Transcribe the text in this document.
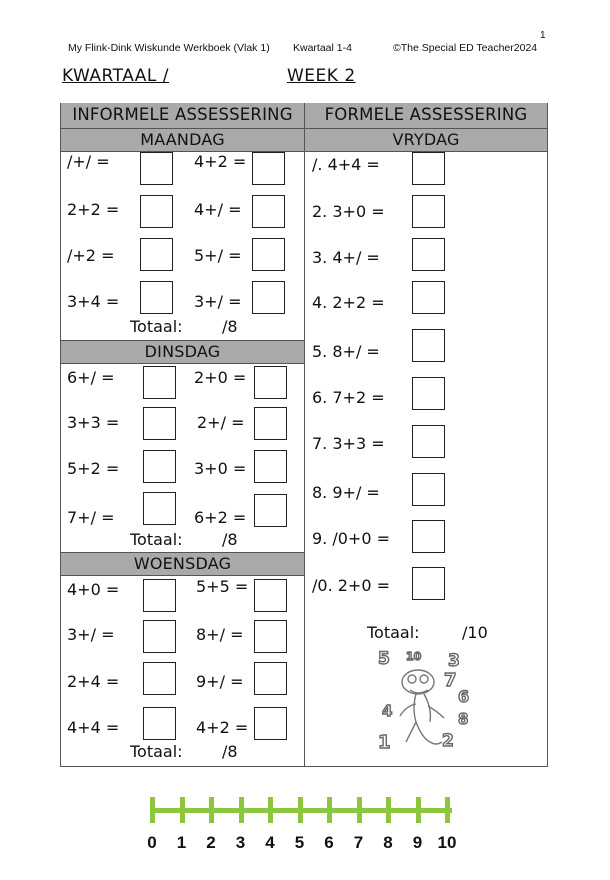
1
My Flink-Dink Wiskunde Werkboek (Vlak 1) Kwartaal 1-4	©The Special ED Teacher2024
KWARTAAL /	WEEK 2
INFORMELE ASSESSERING	FORMELE ASSESSERING
MAANDAG
DINSDAG
WOENSDAG
VRYDAG
/+/ =	4+2 =
2+2 =	4+/ =
/+2 =	5+/ =
3+4 =	3+/ =
Totaal: /8
6+/ =	2+0 =
3+3 =	2+/ =
5+2 =	3+0 =
7+/ =	6+2 =
Totaal: /8
4+0 =	5+5 =
3+/ =	8+/ =
2+4 =	9+/ =
4+4 =	4+2 =
Totaal: /8
/. 4+4 =
2. 3+0 =
3. 4+/ =
4. 2+2 =
5. 8+/ =
6. 7+2 =
7. 3+3 =
8. 9+/ =
9. /0+0 =
/0. 2+0 =
Totaal:	/10
5 10 3
7
6
4	8
1	2
0	1	2	3	4	5	6	7	8	9 10
